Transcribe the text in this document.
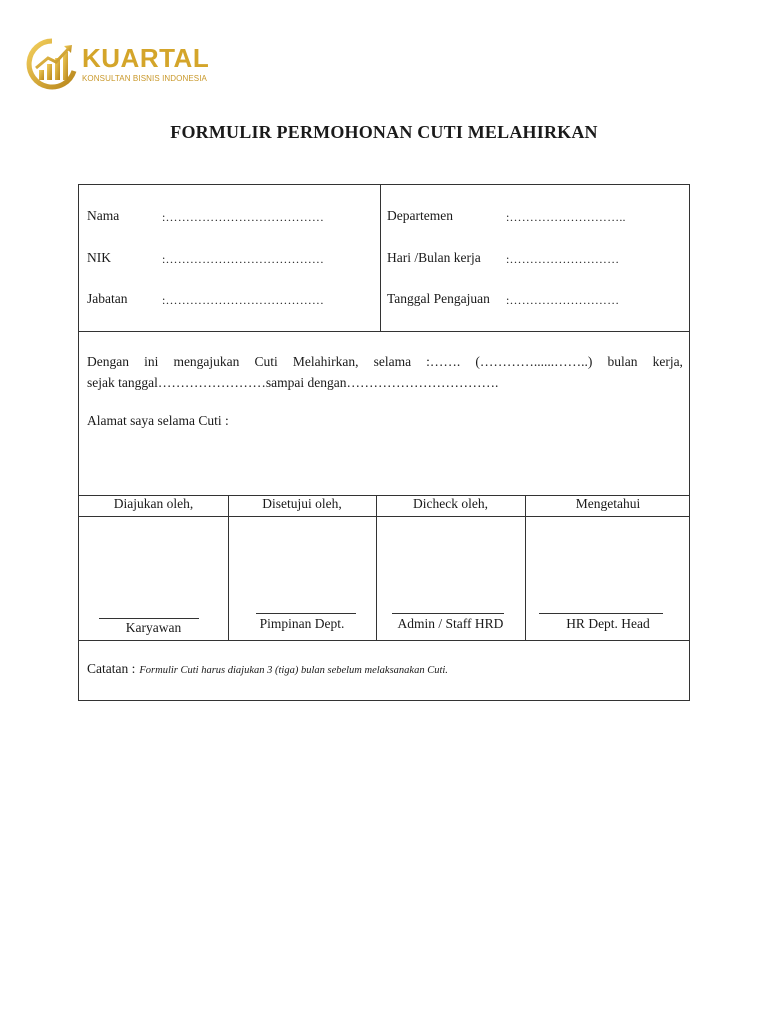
KUARTAL
KONSULTAN BISNIS INDONESIA
FORMULIR PERMOHONAN CUTI MELAHIRKAN
Nama	:…………………………………
NIK	:…………………………………
Jabatan	:…………………………………
Departemen	:………………………..
Hari /Bulan kerja :………………………
Tanggal Pengajuan :………………………
Dengan ini mengajukan Cuti Melahirkan, selama :……. (…………......……..) bulan kerja,
sejak tanggal……………………sampai dengan…………………………….
Alamat saya selama Cuti :
Diajukan oleh,	Disetujui oleh,	Dicheck oleh,	Mengetahui
Karyawan	Pimpinan Dept.	Admin / Staff HRD	HR Dept. Head
Catatan : Formulir Cuti harus diajukan 3 (tiga) bulan sebelum melaksanakan Cuti.
